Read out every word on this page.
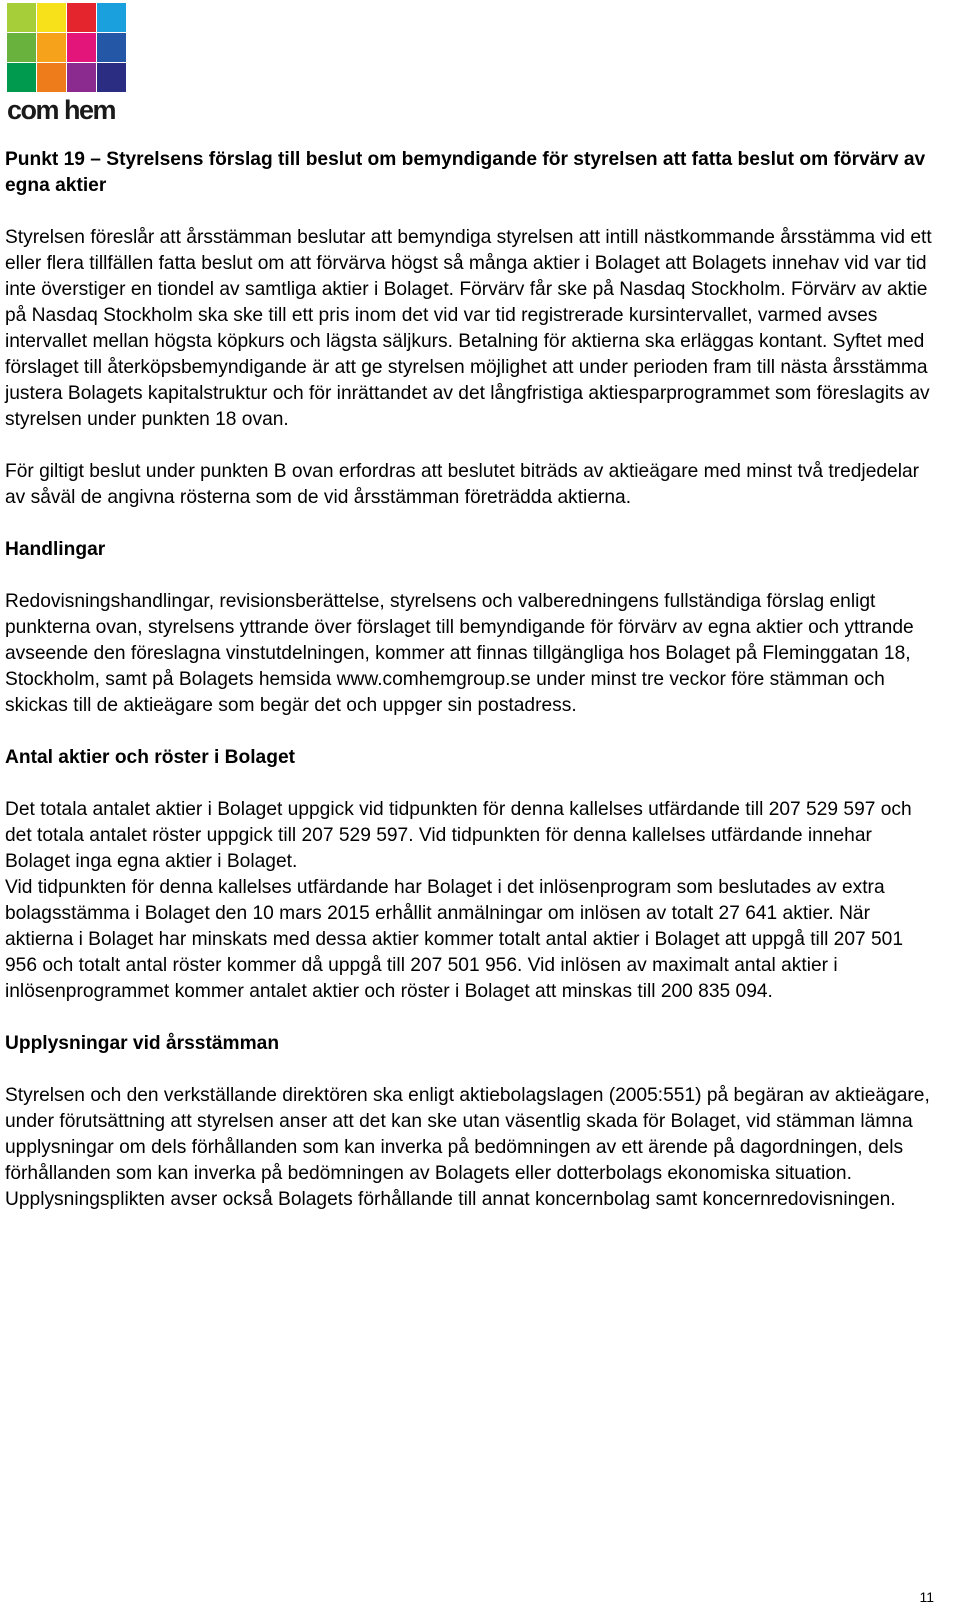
com hem

Punkt 19 – Styrelsens förslag till beslut om bemyndigande för styrelsen att fatta beslut om förvärv av egna aktier

Styrelsen föreslår att årsstämman beslutar att bemyndiga styrelsen att intill nästkommande årsstämma vid ett eller flera tillfällen fatta beslut om att förvärva högst så många aktier i Bolaget att Bolagets innehav vid var tid inte överstiger en tiondel av samtliga aktier i Bolaget. Förvärv får ske på Nasdaq Stockholm. Förvärv av aktie på Nasdaq Stockholm ska ske till ett pris inom det vid var tid registrerade kursintervallet, varmed avses intervallet mellan högsta köpkurs och lägsta säljkurs. Betalning för aktierna ska erläggas kontant. Syftet med förslaget till återköpsbemyndigande är att ge styrelsen möjlighet att under perioden fram till nästa årsstämma justera Bolagets kapitalstruktur och för inrättandet av det långfristiga aktiesparprogrammet som föreslagits av styrelsen under punkten 18 ovan.

För giltigt beslut under punkten B ovan erfordras att beslutet biträds av aktieägare med minst två tredjedelar av såväl de angivna rösterna som de vid årsstämman företrädda aktierna.

Handlingar

Redovisningshandlingar, revisionsberättelse, styrelsens och valberedningens fullständiga förslag enligt punkterna ovan, styrelsens yttrande över förslaget till bemyndigande för förvärv av egna aktier och yttrande avseende den föreslagna vinstutdelningen, kommer att finnas tillgängliga hos Bolaget på Fleminggatan 18, Stockholm, samt på Bolagets hemsida www.comhemgroup.se under minst tre veckor före stämman och skickas till de aktieägare som begär det och uppger sin postadress.

Antal aktier och röster i Bolaget

Det totala antalet aktier i Bolaget uppgick vid tidpunkten för denna kallelses utfärdande till 207 529 597 och det totala antalet röster uppgick till 207 529 597. Vid tidpunkten för denna kallelses utfärdande innehar Bolaget inga egna aktier i Bolaget.

Vid tidpunkten för denna kallelses utfärdande har Bolaget i det inlösenprogram som beslutades av extra bolagsstämma i Bolaget den 10 mars 2015 erhållit anmälningar om inlösen av totalt 27 641 aktier. När aktierna i Bolaget har minskats med dessa aktier kommer totalt antal aktier i Bolaget att uppgå till 207 501 956 och totalt antal röster kommer då uppgå till 207 501 956. Vid inlösen av maximalt antal aktier i inlösenprogrammet kommer antalet aktier och röster i Bolaget att minskas till 200 835 094.

Upplysningar vid årsstämman

Styrelsen och den verkställande direktören ska enligt aktiebolagslagen (2005:551) på begäran av aktieägare, under förutsättning att styrelsen anser att det kan ske utan väsentlig skada för Bolaget, vid stämman lämna upplysningar om dels förhållanden som kan inverka på bedömningen av ett ärende på dagordningen, dels förhållanden som kan inverka på bedömningen av Bolagets eller dotterbolags ekonomiska situation. Upplysningsplikten avser också Bolagets förhållande till annat koncernbolag samt koncernredovisningen.

11
